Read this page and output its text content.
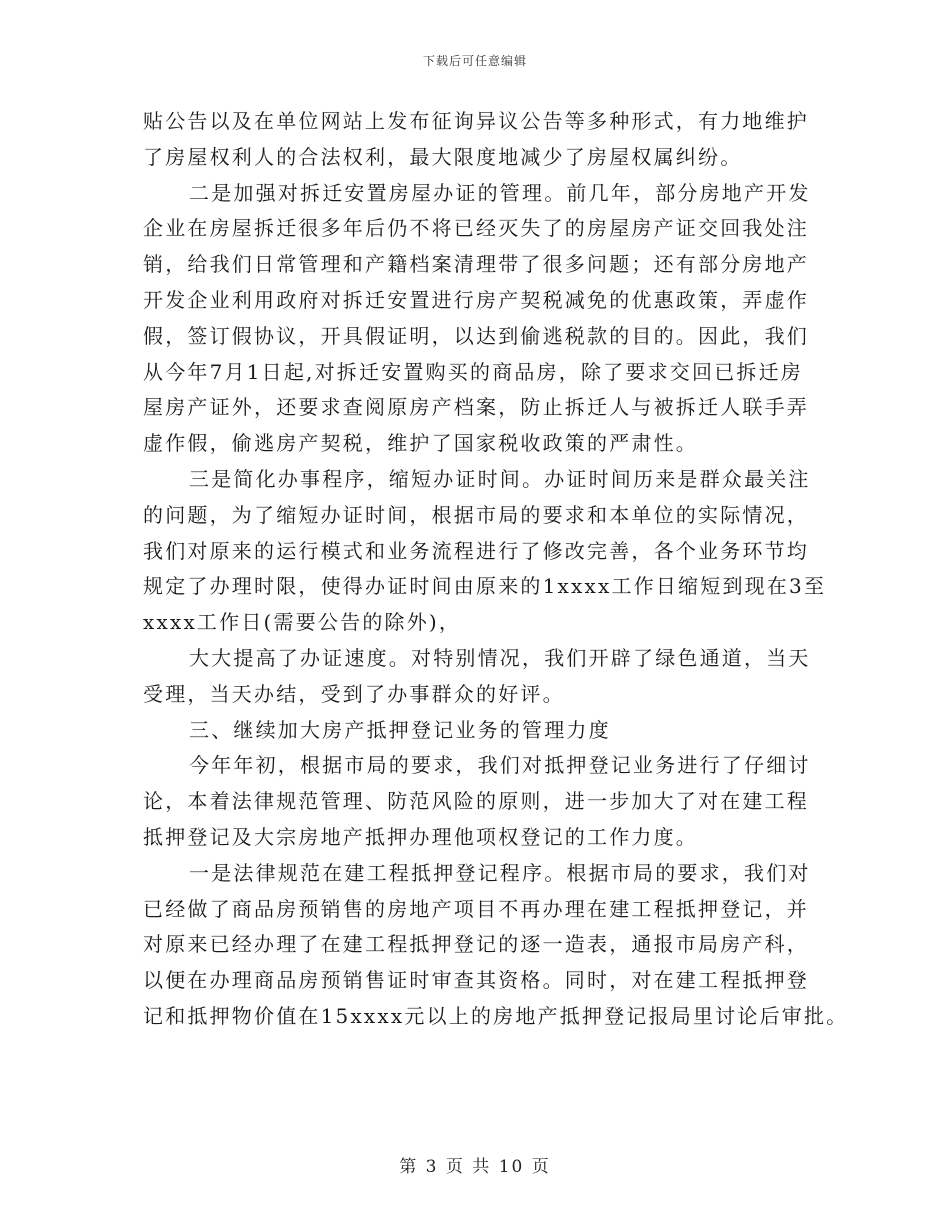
下载后可任意编辑
贴公告以及在单位网站上发布征询异议公告等多种形式，有力地维护
了房屋权利人的合法权利，最大限度地减少了房屋权属纠纷。
二是加强对拆迁安置房屋办证的管理。前几年，部分房地产开发
企业在房屋拆迁很多年后仍不将已经灭失了的房屋房产证交回我处注
销，给我们日常管理和产籍档案清理带了很多问题；还有部分房地产
开发企业利用政府对拆迁安置进行房产契税减免的优惠政策，弄虚作
假，签订假协议，开具假证明，以达到偷逃税款的目的。因此，我们
从今年7月1日起,对拆迁安置购买的商品房，除了要求交回已拆迁房
屋房产证外，还要求查阅原房产档案，防止拆迁人与被拆迁人联手弄
虚作假，偷逃房产契税，维护了国家税收政策的严肃性。
三是简化办事程序，缩短办证时间。办证时间历来是群众最关注
的问题，为了缩短办证时间，根据市局的要求和本单位的实际情况，
我们对原来的运行模式和业务流程进行了修改完善，各个业务环节均
规定了办理时限，使得办证时间由原来的1xxxx工作日缩短到现在3至
xxxx工作日(需要公告的除外)，
大大提高了办证速度。对特别情况，我们开辟了绿色通道，当天
受理，当天办结，受到了办事群众的好评。
三、继续加大房产抵押登记业务的管理力度
今年年初，根据市局的要求，我们对抵押登记业务进行了仔细讨
论，本着法律规范管理、防范风险的原则，进一步加大了对在建工程
抵押登记及大宗房地产抵押办理他项权登记的工作力度。
一是法律规范在建工程抵押登记程序。根据市局的要求，我们对
已经做了商品房预销售的房地产项目不再办理在建工程抵押登记，并
对原来已经办理了在建工程抵押登记的逐一造表，通报市局房产科，
以便在办理商品房预销售证时审查其资格。同时，对在建工程抵押登
记和抵押物价值在15xxxx元以上的房地产抵押登记报局里讨论后审批。
第 3 页 共 10 页
